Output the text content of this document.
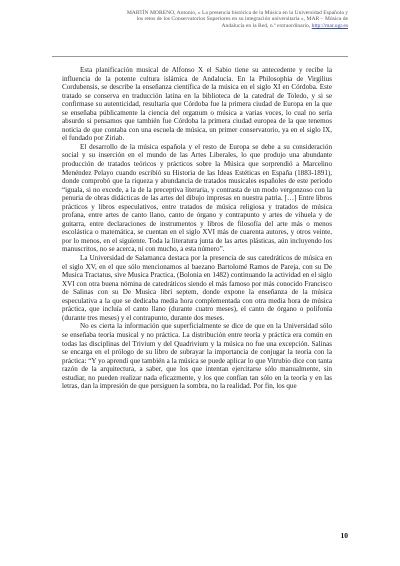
MARTÍN MORENO, Antonio, « La presencia histórica de la Música en la Universidad Española y
los retos de los Conservatorios Superiores en su integración universitaria », MAR – Música de
Andalucía en la Red, n.º extraordinario, http://mar.ugr.es

Esta planificación musical de Alfonso X el Sabio tiene su antecedente y recibe la influencia de la potente cultura islámica de Andalucía. En la Philosophia de Virgilius Cordubensis, se describe la enseñanza científica de la música en el siglo XI en Córdoba. Este tratado se conserva en traducción latina en la biblioteca de la catedral de Toledo, y si se confirmase su autenticidad, resultaría que Córdoba fue la primera ciudad de Europa en la que se enseñaba públicamente la ciencia del organum o música a varias voces, lo cual no sería absurdo si pensamos que también fue Córdoba la primera ciudad europea de la que tenemos noticia de que contaba con una escuela de música, un primer conservatorio, ya en el siglo IX, el fundado por Ziriab.

El desarrollo de la música española y el resto de Europa se debe a su consideración social y su inserción en el mundo de las Artes Liberales, lo que produjo una abundante producción de tratados teóricos y prácticos sobre la Música que sorprendió a Marcelino Menéndez Pelayo cuando escribió su Historia de las Ideas Estéticas en España (1883-1891), donde comprobó que la riqueza y abundancia de tratados musicales españoles de este periodo “iguala, si no excede, a la de la preceptiva literaria, y contrasta de un modo vergonzoso con la penuria de obras didácticas de las artes del dibujo impresas en nuestra patria. […] Entre libros prácticos y libros especulativos, entre tratados de música religiosa y tratados de música profana, entre artes de canto llano, canto de órgano y contrapunto y artes de vihuela y de guitarra, entre declaraciones de instrumentos y libros de filosofía del arte más o menos escolástica o matemática, se cuentan en el siglo XVI más de cuarenta autores, y otros veinte, por lo menos, en el siguiente. Toda la literatura junta de las artes plásticas, aún incluyendo los manuscritos, no se acerca, ni con mucho, a esta número”.

La Universidad de Salamanca destaca por la presencia de sus catedráticos de música en el siglo XV, en el que sólo mencionamos al baezano Bartolomé Ramos de Pareja, con su De Musica Tractatus, sive Musica Practica, (Bolonia en 1482) continuando la actividad en el siglo XVI con otra buena nómina de catedráticos siendo el más famoso por más conocido Francisco de Salinas con su De Musica libri septem, donde expone la enseñanza de la música especulativa a la que se dedicaba media hora complementada con otra media hora de música práctica, que incluía el canto llano (durante cuatro meses), el canto de órgano o polifonía (durante tres meses) y el contrapunto, durante dos meses.

No es cierta la información que superficialmente se dice de que en la Universidad sólo se enseñaba teoría musical y no práctica. La distribución entre teoría y práctica era común en todas las disciplinas del Trivium y del Quadrivium y la música no fue una excepción. Salinas se encarga en el prólogo de su libro de subrayar la importancia de conjugar la teoría con la práctica: “Y yo aprendí que también a la música se puede aplicar lo que Vitrubio dice con tanta razón de la arquitectura, a saber, que los que intentan ejercitarse sólo manualmente, sin estudiar, no pueden realizar nada eficazmente, y los que confían tan sólo en la teoría y en las letras, dan la impresión de que persiguen la sombra, no la realidad. Por fin, los que

10
